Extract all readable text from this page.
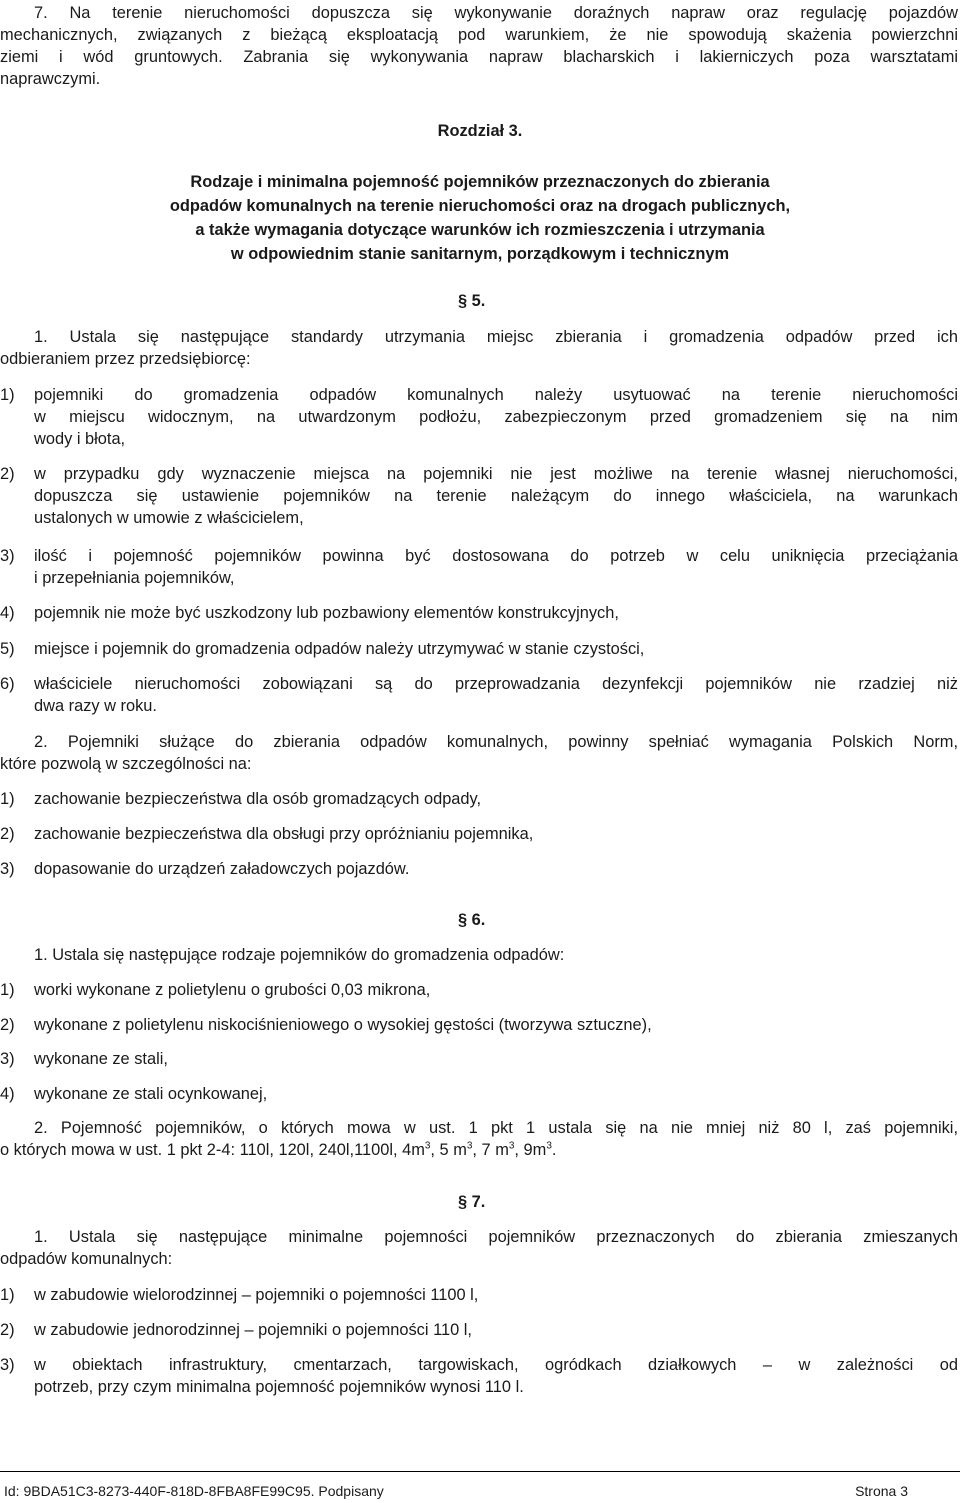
7. Na terenie nieruchomości dopuszcza się wykonywanie doraźnych napraw oraz regulację pojazdów
mechanicznych, związanych z bieżącą eksploatacją pod warunkiem, że nie spowodują skażenia powierzchni
ziemi i wód gruntowych. Zabrania się wykonywania napraw blacharskich i lakierniczych poza warsztatami
naprawczymi.

Rozdział 3.

Rodzaje i minimalna pojemność pojemników przeznaczonych do zbierania
odpadów komunalnych na terenie nieruchomości oraz na drogach publicznych,
a także wymagania dotyczące warunków ich rozmieszczenia i utrzymania
w odpowiednim stanie sanitarnym, porządkowym i technicznym

§ 5.

1. Ustala się następujące standardy utrzymania miejsc zbierania i gromadzenia odpadów przed ich
odbieraniem przez przedsiębiorcę:

1) pojemniki do gromadzenia odpadów komunalnych należy usytuować na terenie nieruchomości
w miejscu widocznym, na utwardzonym podłożu, zabezpieczonym przed gromadzeniem się na nim
wody i błota,
2) w przypadku gdy wyznaczenie miejsca na pojemniki nie jest możliwe na terenie własnej nieruchomości,
dopuszcza się ustawienie pojemników na terenie należącym do innego właściciela, na warunkach
ustalonych w umowie z właścicielem,
3) ilość i pojemność pojemników powinna być dostosowana do potrzeb w celu uniknięcia przeciążania
i przepełniania pojemników,
4) pojemnik nie może być uszkodzony lub pozbawiony elementów konstrukcyjnych,
5) miejsce i pojemnik do gromadzenia odpadów należy utrzymywać w stanie czystości,
6) właściciele nieruchomości zobowiązani są do przeprowadzania dezynfekcji pojemników nie rzadziej niż
dwa razy w roku.

2. Pojemniki służące do zbierania odpadów komunalnych, powinny spełniać wymagania Polskich Norm,
które pozwolą w szczególności na:

1) zachowanie bezpieczeństwa dla osób gromadzących odpady,
2) zachowanie bezpieczeństwa dla obsługi przy opróżnianiu pojemnika,
3) dopasowanie do urządzeń załadowczych pojazdów.

§ 6.

1. Ustala się następujące rodzaje pojemników do gromadzenia odpadów:

1) worki wykonane z polietylenu o grubości 0,03 mikrona,
2) wykonane z polietylenu niskociśnieniowego o wysokiej gęstości (tworzywa sztuczne),
3) wykonane ze stali,
4) wykonane ze stali ocynkowanej,

2. Pojemność pojemników, o których mowa w ust. 1 pkt 1 ustala się na nie mniej niż 80 l, zaś pojemniki,
o których mowa w ust. 1 pkt 2-4: 110l, 120l, 240l,1100l, $4m^3$, 5 $m^3$, 7 $m^3$, $9m^3$.

§ 7.

1. Ustala się następujące minimalne pojemności pojemników przeznaczonych do zbierania zmieszanych
odpadów komunalnych:

1) w zabudowie wielorodzinnej – pojemniki o pojemności 1100 l,
2) w zabudowie jednorodzinnej – pojemniki o pojemności 110 l,
3) w obiektach infrastruktury, cmentarzach, targowiskach, ogródkach działkowych – w zależności od
potrzeb, przy czym minimalna pojemność pojemników wynosi 110 l.
Id: 9BDA51C3-8273-440F-818D-8FBA8FE99C95. Podpisany	Strona 3
